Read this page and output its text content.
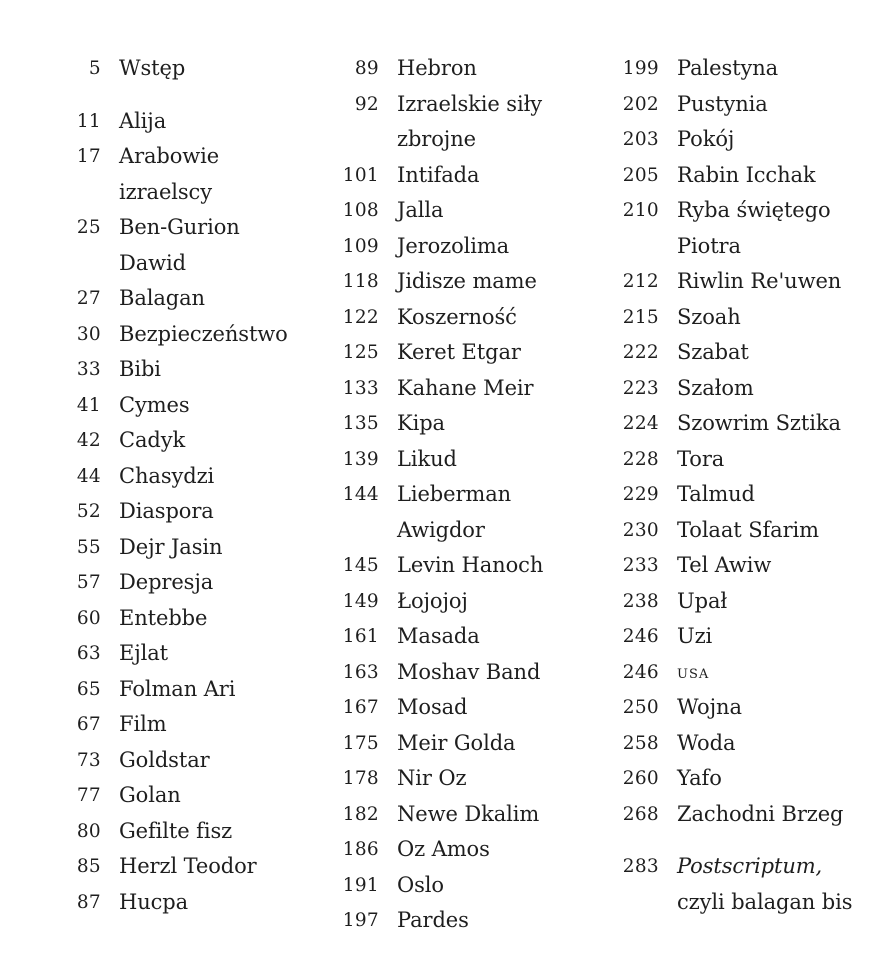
5 Wstęp
11 Alija
17 Arabowie
izraelscy
25 Ben-Gurion
Dawid
27 Balagan
30 Bezpieczeństwo
33 Bibi
41 Cymes
42 Cadyk
44 Chasydzi
52 Diaspora
55 Dejr Jasin
57 Depresja
60 Entebbe
63 Ejlat
65 Folman Ari
67 Film
73 Goldstar
77 Golan
80 Gefilte fisz
85 Herzl Teodor
87 Hucpa
89 Hebron
92 Izraelskie siły
zbrojne
101 Intifada
108 Jalla
109 Jerozolima
118 Jidisze mame
122 Koszerność
125 Keret Etgar
133 Kahane Meir
135 Kipa
139 Likud
144 Lieberman
Awigdor
145 Levin Hanoch
149 Łojojoj
161 Masada
163 Moshav Band
167 Mosad
175 Meir Golda
178 Nir Oz
182 Newe Dkalim
186 Oz Amos
191 Oslo
197 Pardes
199 Palestyna
202 Pustynia
203 Pokój
205 Rabin Icchak
210 Ryba świętego
Piotra
212 Riwlin Re'uwen
215 Szoah
222 Szabat
223 Szałom
224 Szowrim Sztika
228 Tora
229 Talmud
230 Tolaat Sfarim
233 Tel Awiw
238 Upał
246 Uzi
246 usa
250 Wojna
258 Woda
260 Yafo
268 Zachodni Brzeg
283 Postscriptum,
czyli balagan bis
